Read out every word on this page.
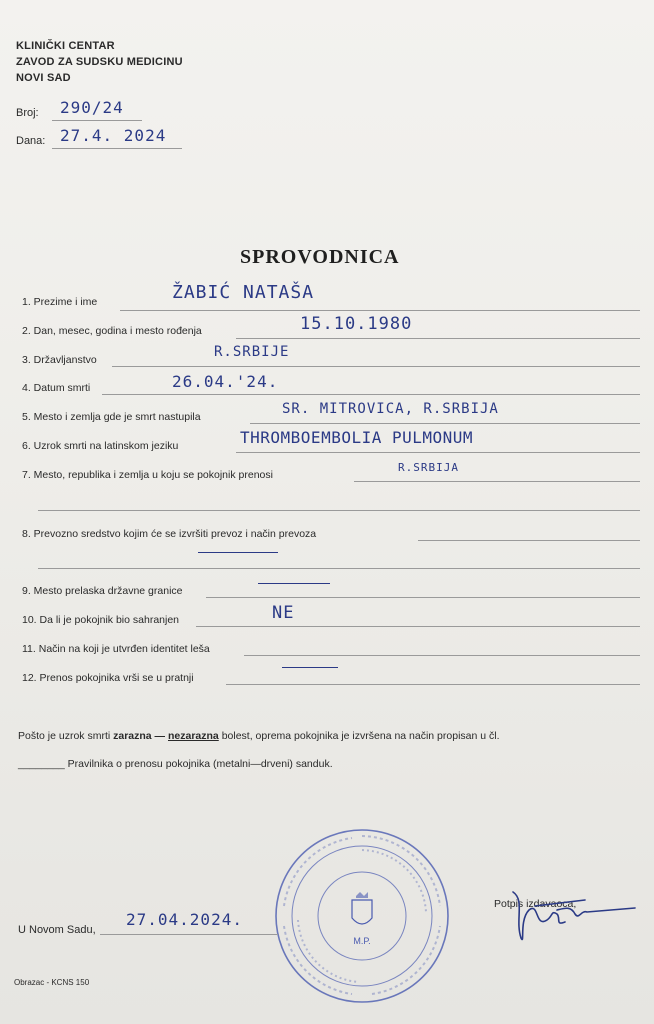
KLINIČKI CENTAR
ZAVOD ZA SUDSKU MEDICINU
NOVI SAD
Broj: 290/24
Dana: 27.4. 2024
SPROVODNICA
1. Prezime i ime	ŽABIĆ NATAŠA
2. Dan, mesec, godina i mesto rođenja	15.10.1980
3. Državljanstvo	R.SRBIJE
4. Datum smrti	26.04.'24.
5. Mesto i zemlja gde je smrt nastupila	SR. MITROVICA, R.SRBIJA
6. Uzrok smrti na latinskom jeziku	THROMBOEMBOLIA PULMONUM
7. Mesto, republika i zemlja u koju se pokojnik prenosi
R.SRBIJA
8. Prevozno sredstvo kojim će se izvršiti prevoz i način prevoza
9. Mesto prelaska državne granice
10. Da li je pokojnik bio sahranjen	NE
11. Način na koji je utvrđen identitet leša
12. Prenos pokojnika vrši se u pratnji
Pošto je uzrok smrti zarazna — nezarazna bolest, oprema pokojnika je izvršena na način propisan u čl.
________ Pravilnika o prenosu pokojnika (metalni—drveni) sanduk.
M.P.
Potpis izdavaoca,
U Novom Sadu,
27.04.2024.
Obrazac - KCNS 150
